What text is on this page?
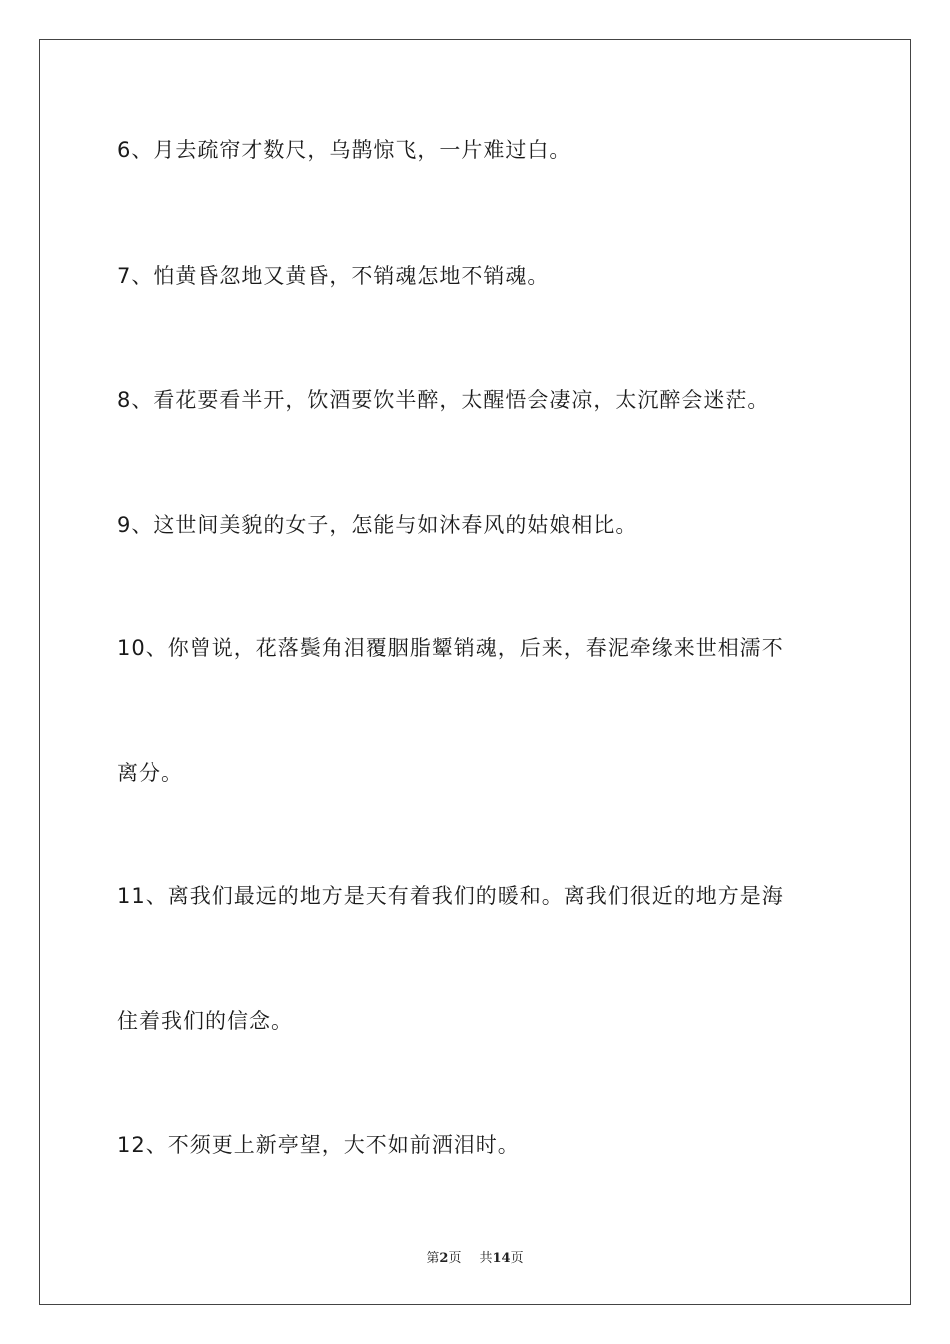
6、月去疏帘才数尺，乌鹊惊飞，一片难过白。
7、怕黄昏忽地又黄昏，不销魂怎地不销魂。
8、看花要看半开，饮酒要饮半醉，太醒悟会凄凉，太沉醉会迷茫。
9、这世间美貌的女子，怎能与如沐春风的姑娘相比。
10、你曾说，花落鬓角泪覆胭脂颦销魂，后来，春泥牵缘来世相濡不
离分。
11、离我们最远的地方是天有着我们的暖和。离我们很近的地方是海
住着我们的信念。
12、不须更上新亭望，大不如前洒泪时。
第2页 共14页
